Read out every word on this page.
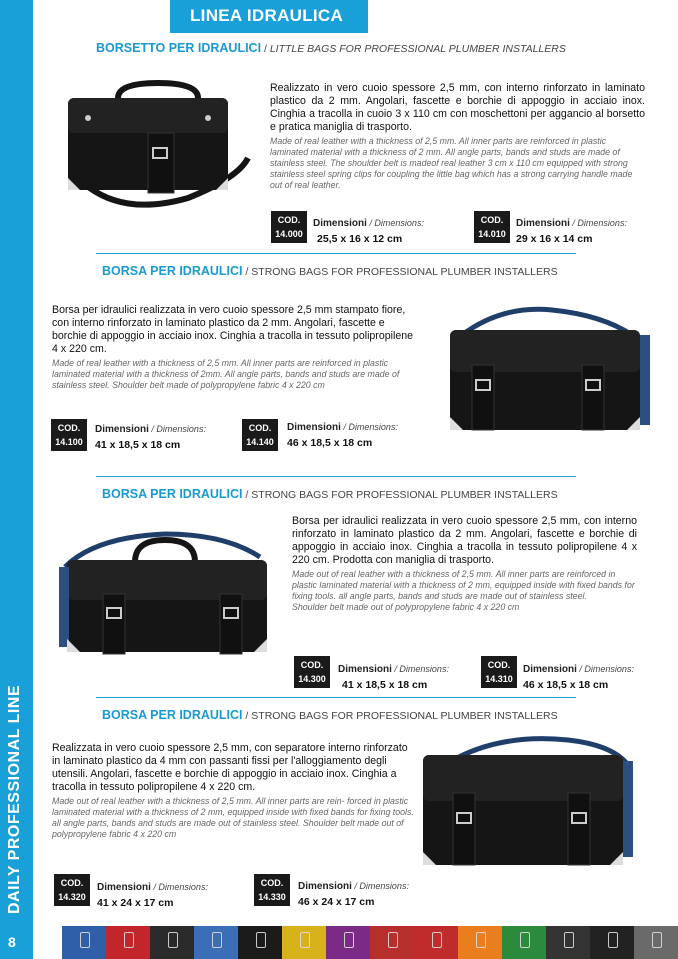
DAILY PROFESSIONAL LINE
8
LINEA IDRAULICA
BORSETTO PER IDRAULICI / LITTLE BAGS FOR PROFESSIONAL PLUMBER INSTALLERS

Realizzato in vero cuoio spessore 2,5 mm, con interno rinforzato in laminato plastico da 2 mm. Angolari, fascette e borchie di appoggio in acciaio inox. Cinghia a tracolla in cuoio 3 x 110 cm con moschettoni per aggancio al borsetto e pratica maniglia di trasporto.

Made of real leather with a thickness of 2,5 mm. All inner parts are reinforced in plastic laminated material with a thickness of 2 mm. All angle parts, bands and studs are made of stainless steel. The shoulder belt is madeof real leather 3 cm x 110 cm equipped with strong stainless steel spring clips for coupling the little bag which has a strong carrying handle made out of real leather.

COD.
14.000
Dimensioni / Dimensions:
25,5 x 16 x 12 cm
COD.
14.010
Dimensioni / Dimensions:
29 x 16 x 14 cm
BORSA PER IDRAULICI / STRONG BAGS FOR PROFESSIONAL PLUMBER INSTALLERS

Borsa per idraulici realizzata in vero cuoio spessore 2,5 mm stampato fiore, con interno rinforzato in laminato plastico da 2 mm. Angolari, fascette e borchie di appoggio in acciaio inox. Cinghia a tracolla in tessuto polipropilene 4 x 220 cm.

Made of real leather with a thickness of 2,5 mm. All inner parts are reinforced in plastic laminated material with a thickness of 2mm. All angle parts, bands and studs are made of stainless steel. Shoulder belt made of polypropylene fabric 4 x 220 cm

COD.
14.100
Dimensioni / Dimensions:
41 x 18,5 x 18 cm
COD.
14.140
Dimensioni / Dimensions:
46 x 18,5 x 18 cm
BORSA PER IDRAULICI / STRONG BAGS FOR PROFESSIONAL PLUMBER INSTALLERS

Borsa per idraulici realizzata in vero cuoio spessore 2,5 mm, con interno rinforzato in laminato plastico da 2 mm. Angolari, fascette e borchie di appoggio in acciaio inox. Cinghia a tracolla in tessuto polipropilene 4 x 220 cm. Prodotta con maniglia di trasporto.

Made out of real leather with a thickness of 2,5 mm. All inner parts are reinforced in plastic laminated material with a thickness of 2 mm, equipped inside with fixed bands for fixing tools. all angle parts, bands and studs are made out of stainless steel.

Shoulder belt made out of polypropylene fabric 4 x 220 cm

COD.
14.300
Dimensioni / Dimensions:
41 x 18,5 x 18 cm
COD.
14.310
Dimensioni / Dimensions:
46 x 18,5 x 18 cm
BORSA PER IDRAULICI / STRONG BAGS FOR PROFESSIONAL PLUMBER INSTALLERS

Realizzata in vero cuoio spessore 2,5 mm, con separatore interno rinforzato in laminato plastico da 4 mm con passanti fissi per l'alloggiamento degli utensili. Angolari, fascette e borchie di appoggio in acciaio inox. Cinghia a tracolla in tessuto polipropilene 4 x 220 cm.

Made out of real leather with a thickness of 2,5 mm. All inner parts are rein- forced in plastic laminated material with a thickness of 2 mm, equipped inside with fixed bands for fixing tools. all angle parts, bands and studs are made out of stainless steel. Shoulder belt made out of polypropylene fabric 4 x 220 cm

COD.
14.320
Dimensioni / Dimensions:
41 x 24 x 17 cm
COD.
14.330
Dimensioni / Dimensions:
46 x 24 x 17 cm
